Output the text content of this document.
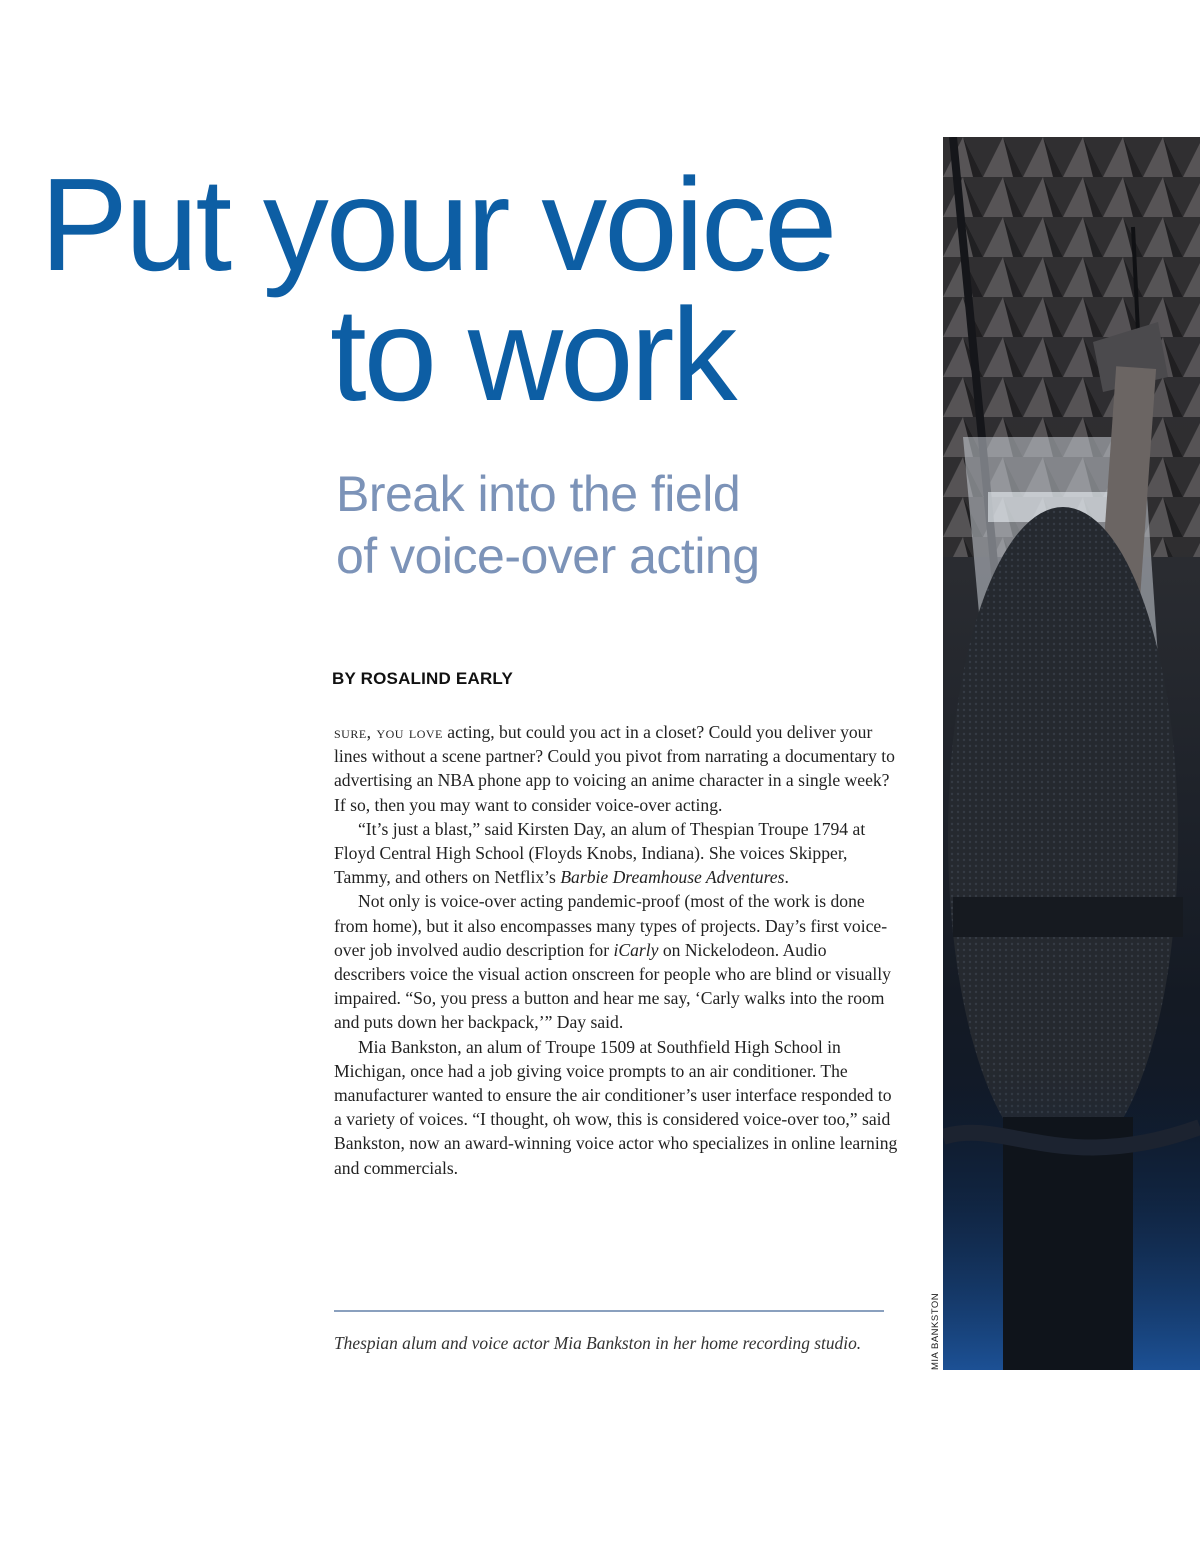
Put your voice
to work
Break into the field
of voice-over acting
BY ROSALIND EARLY

sure, you love acting, but could you act in a closet? Could you deliver your lines without a scene partner? Could you pivot from narrating a documentary to advertising an NBA phone app to voicing an anime character in a single week? If so, then you may want to consider voice-over acting.

“It’s just a blast,” said Kirsten Day, an alum of Thespian Troupe 1794 at Floyd Central High School (Floyds Knobs, Indiana). She voices Skipper, Tammy, and others on Netflix’s Barbie Dreamhouse Adventures.

Not only is voice-over acting pandemic-proof (most of the work is done from home), but it also encompasses many types of projects. Day’s first voice-over job involved audio description for iCarly on Nickelodeon. Audio describers voice the visual action onscreen for people who are blind or visually impaired. “So, you press a button and hear me say, ‘Carly walks into the room and puts down her backpack,’” Day said.

Mia Bankston, an alum of Troupe 1509 at Southfield High School in Michigan, once had a job giving voice prompts to an air conditioner. The manufacturer wanted to ensure the air conditioner’s user interface responded to a variety of voices. “I thought, oh wow, this is considered voice-over too,” said Bankston, now an award-winning voice actor who specializes in online learning and commercials.

Thespian alum and voice actor Mia Bankston in her home recording studio.	MIA BANKSTON
